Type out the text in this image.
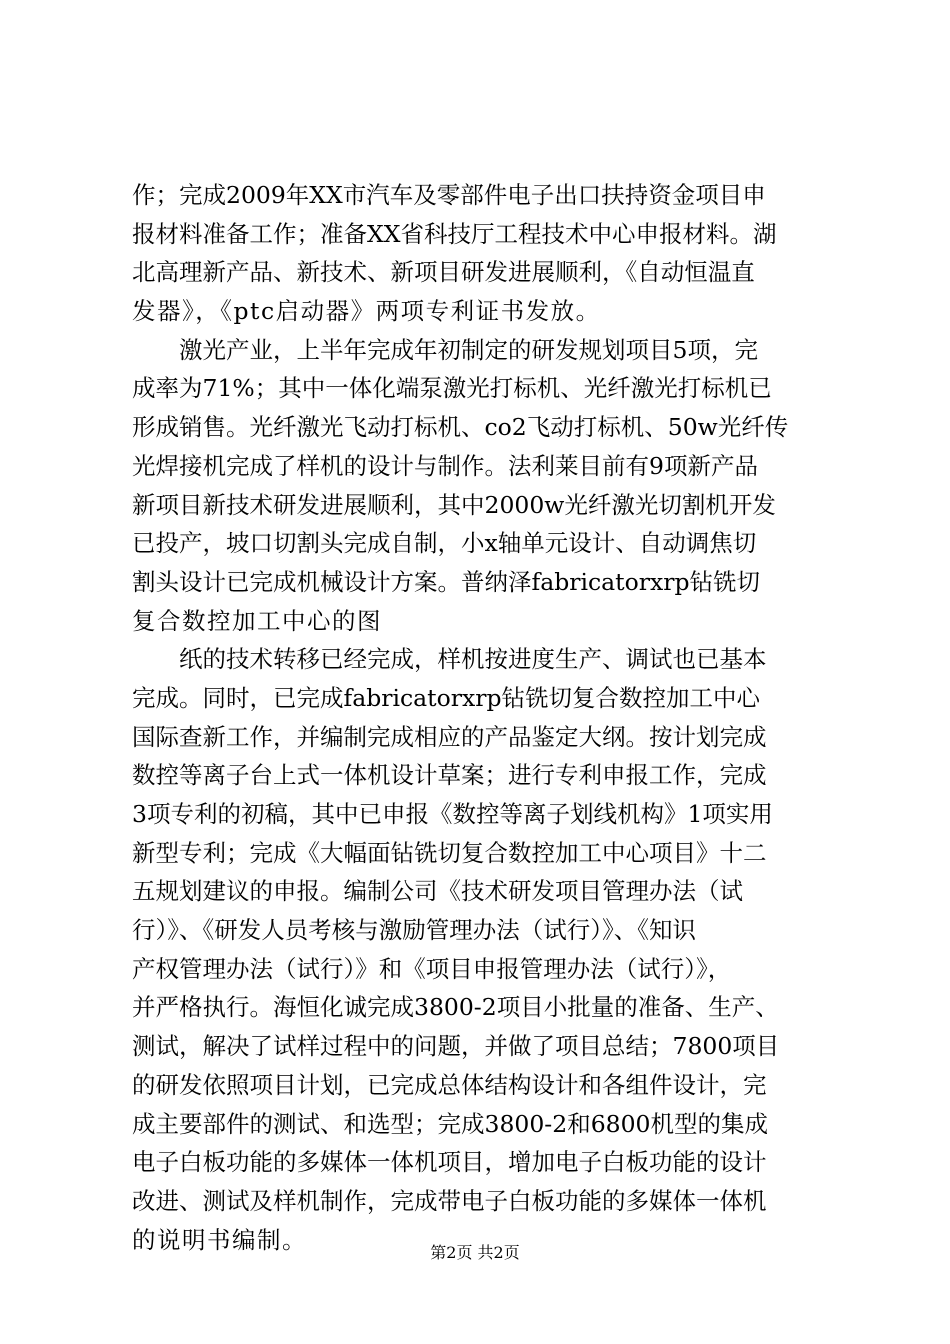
作；完成2009年XX市汽车及零部件电子出口扶持资金项目申
报材料准备工作；准备XX省科技厅工程技术中心申报材料。湖
北高理新产品、新技术、新项目研发进展顺利，《自动恒温直
发器》，《ptc启动器》两项专利证书发放。
激光产业，上半年完成年初制定的研发规划项目5项，完
成率为71%；其中一体化端泵激光打标机、光纤激光打标机已
形成销售。光纤激光飞动打标机、co2飞动打标机、50w光纤传
光焊接机完成了样机的设计与制作。法利莱目前有9项新产品
新项目新技术研发进展顺利，其中2000w光纤激光切割机开发
已投产，坡口切割头完成自制，小x轴单元设计、自动调焦切
割头设计已完成机械设计方案。普纳泽fabricatorxrp钻铣切
复合数控加工中心的图
纸的技术转移已经完成，样机按进度生产、调试也已基本
完成。同时，已完成fabricatorxrp钻铣切复合数控加工中心
国际查新工作，并编制完成相应的产品鉴定大纲。按计划完成
数控等离子台上式一体机设计草案；进行专利申报工作，完成
3项专利的初稿，其中已申报《数控等离子划线机构》1项实用
新型专利；完成《大幅面钻铣切复合数控加工中心项目》十二
五规划建议的申报。编制公司《技术研发项目管理办法（试
行）》、《研发人员考核与激励管理办法（试行）》、《知识
产权管理办法（试行）》和《项目申报管理办法（试行）》，
并严格执行。海恒化诚完成3800-2项目小批量的准备、生产、
测试，解决了试样过程中的问题，并做了项目总结；7800项目
的研发依照项目计划，已完成总体结构设计和各组件设计，完
成主要部件的测试、和选型；完成3800-2和6800机型的集成
电子白板功能的多媒体一体机项目，增加电子白板功能的设计
改进、测试及样机制作，完成带电子白板功能的多媒体一体机
的说明书编制。	第2页 共2页
